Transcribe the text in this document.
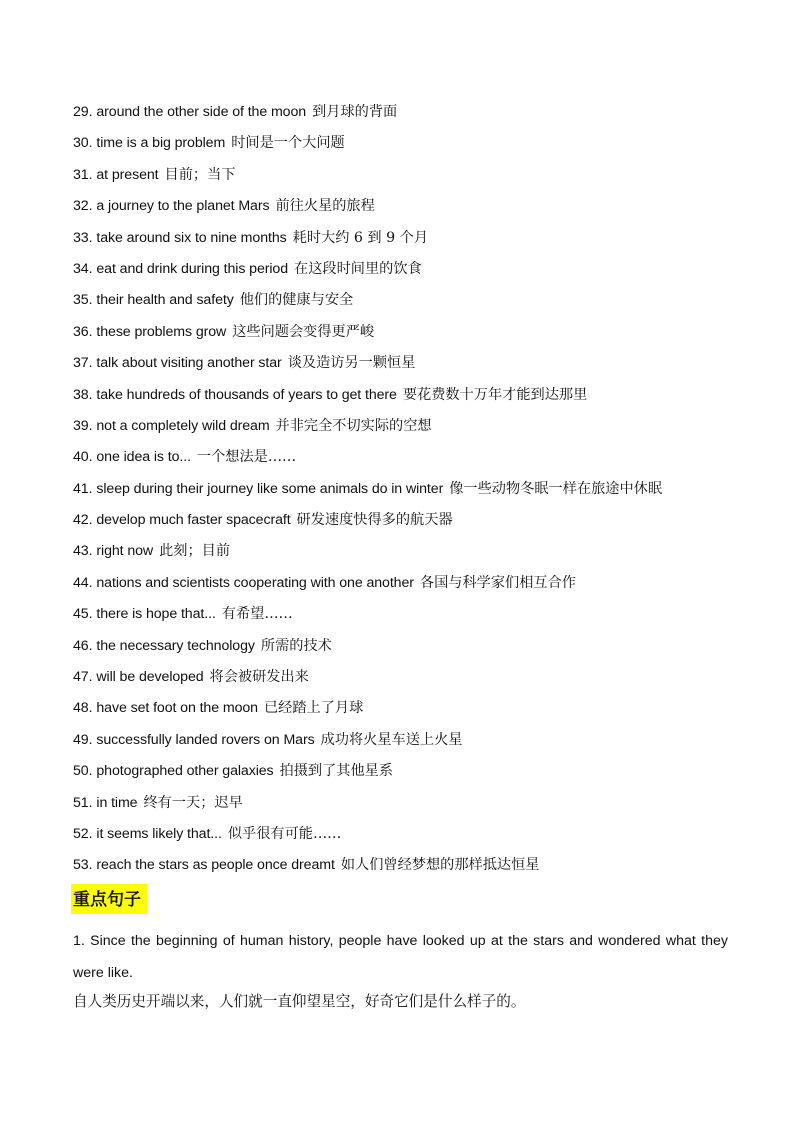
29. around the other side of the moon 到月球的背面
30. time is a big problem 时间是一个大问题
31. at present 目前；当下
32. a journey to the planet Mars 前往火星的旅程
33. take around six to nine months 耗时大约 6 到 9 个月
34. eat and drink during this period 在这段时间里的饮食
35. their health and safety 他们的健康与安全
36. these problems grow 这些问题会变得更严峻
37. talk about visiting another star 谈及造访另一颗恒星
38. take hundreds of thousands of years to get there 要花费数十万年才能到达那里
39. not a completely wild dream 并非完全不切实际的空想
40. one idea is to... 一个想法是……
41. sleep during their journey like some animals do in winter 像一些动物冬眠一样在旅途中休眠
42. develop much faster spacecraft 研发速度快得多的航天器
43. right now 此刻；目前
44. nations and scientists cooperating with one another 各国与科学家们相互合作
45. there is hope that... 有希望……
46. the necessary technology 所需的技术
47. will be developed 将会被研发出来
48. have set foot on the moon 已经踏上了月球
49. successfully landed rovers on Mars 成功将火星车送上火星
50. photographed other galaxies 拍摄到了其他星系
51. in time 终有一天；迟早
52. it seems likely that... 似乎很有可能……
53. reach the stars as people once dreamt 如人们曾经梦想的那样抵达恒星
重点句子
1. Since the beginning of human history, people have looked up at the stars and wondered what they were like.
自人类历史开端以来，人们就一直仰望星空，好奇它们是什么样子的。
